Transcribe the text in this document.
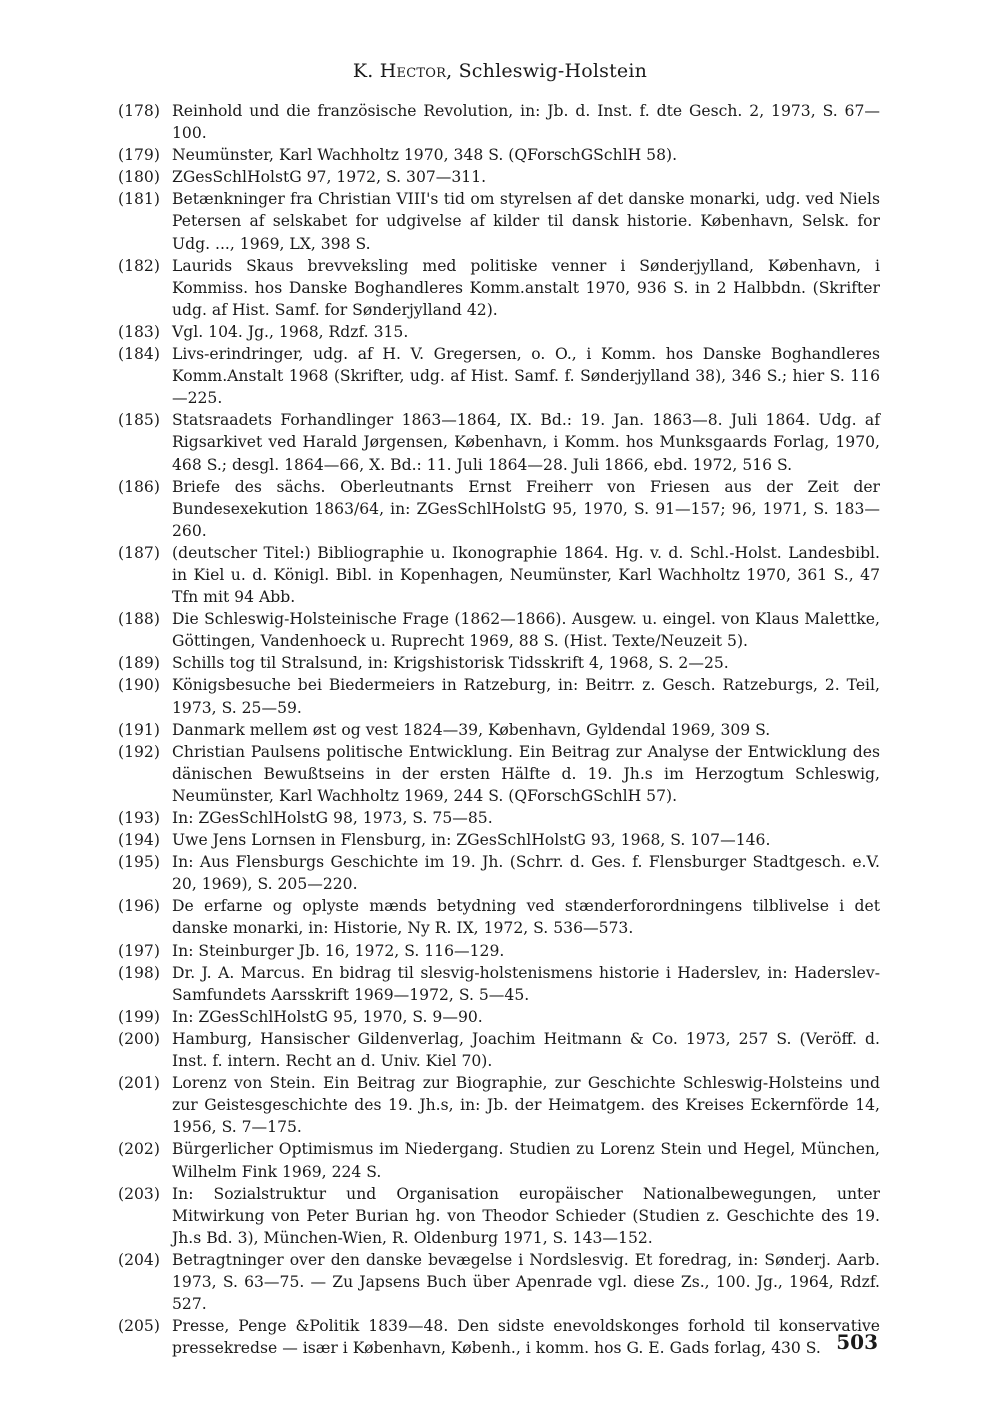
K. Hector, Schleswig-Holstein
(178) Reinhold und die französische Revolution, in: Jb. d. Inst. f. dte Gesch. 2, 1973, S. 67—100.
(179) Neumünster, Karl Wachholtz 1970, 348 S. (QForschGSchlH 58).
(180) ZGesSchlHolstG 97, 1972, S. 307—311.
(181) Betænkninger fra Christian VIII's tid om styrelsen af det danske monarki, udg. ved Niels Petersen af selskabet for udgivelse af kilder til dansk historie. København, Selsk. for Udg. ..., 1969, LX, 398 S.
(182) Laurids Skaus brevveksling med politiske venner i Sønderjylland, København, i Kommiss. hos Danske Boghandleres Komm.anstalt 1970, 936 S. in 2 Halbbdn. (Skrifter udg. af Hist. Samf. for Sønderjylland 42).
(183) Vgl. 104. Jg., 1968, Rdzf. 315.
(184) Livs-erindringer, udg. af H. V. Gregersen, o. O., i Komm. hos Danske Boghandleres Komm.Anstalt 1968 (Skrifter, udg. af Hist. Samf. f. Sønderjylland 38), 346 S.; hier S. 116—225.
(185) Statsraadets Forhandlinger 1863—1864, IX. Bd.: 19. Jan. 1863—8. Juli 1864. Udg. af Rigsarkivet ved Harald Jørgensen, København, i Komm. hos Munksgaards Forlag, 1970, 468 S.; desgl. 1864—66, X. Bd.: 11. Juli 1864—28. Juli 1866, ebd. 1972, 516 S.
(186) Briefe des sächs. Oberleutnants Ernst Freiherr von Friesen aus der Zeit der Bundesexekution 1863/64, in: ZGesSchlHolstG 95, 1970, S. 91—157; 96, 1971, S. 183—260.
(187) (deutscher Titel:) Bibliographie u. Ikonographie 1864. Hg. v. d. Schl.-Holst. Landesbibl. in Kiel u. d. Königl. Bibl. in Kopenhagen, Neumünster, Karl Wachholtz 1970, 361 S., 47 Tfn mit 94 Abb.
(188) Die Schleswig-Holsteinische Frage (1862—1866). Ausgew. u. eingel. von Klaus Malettke, Göttingen, Vandenhoeck u. Ruprecht 1969, 88 S. (Hist. Texte/Neuzeit 5).
(189) Schills tog til Stralsund, in: Krigshistorisk Tidsskrift 4, 1968, S. 2—25.
(190) Königsbesuche bei Biedermeiers in Ratzeburg, in: Beitrr. z. Gesch. Ratzeburgs, 2. Teil, 1973, S. 25—59.
(191) Danmark mellem øst og vest 1824—39, København, Gyldendal 1969, 309 S.
(192) Christian Paulsens politische Entwicklung. Ein Beitrag zur Analyse der Entwicklung des dänischen Bewußtseins in der ersten Hälfte d. 19. Jh.s im Herzogtum Schleswig, Neumünster, Karl Wachholtz 1969, 244 S. (QForschGSchlH 57).
(193) In: ZGesSchlHolstG 98, 1973, S. 75—85.
(194) Uwe Jens Lornsen in Flensburg, in: ZGesSchlHolstG 93, 1968, S. 107—146.
(195) In: Aus Flensburgs Geschichte im 19. Jh. (Schrr. d. Ges. f. Flensburger Stadtgesch. e.V. 20, 1969), S. 205—220.
(196) De erfarne og oplyste mænds betydning ved stænderforordningens tilblivelse i det danske monarki, in: Historie, Ny R. IX, 1972, S. 536—573.
(197) In: Steinburger Jb. 16, 1972, S. 116—129.
(198) Dr. J. A. Marcus. En bidrag til slesvig-holstenismens historie i Haderslev, in: Haderslev-Samfundets Aarsskrift 1969—1972, S. 5—45.
(199) In: ZGesSchlHolstG 95, 1970, S. 9—90.
(200) Hamburg, Hansischer Gildenverlag, Joachim Heitmann & Co. 1973, 257 S. (Veröff. d. Inst. f. intern. Recht an d. Univ. Kiel 70).
(201) Lorenz von Stein. Ein Beitrag zur Biographie, zur Geschichte Schleswig-Holsteins und zur Geistesgeschichte des 19. Jh.s, in: Jb. der Heimatgem. des Kreises Eckernförde 14, 1956, S. 7—175.
(202) Bürgerlicher Optimismus im Niedergang. Studien zu Lorenz Stein und Hegel, München, Wilhelm Fink 1969, 224 S.
(203) In: Sozialstruktur und Organisation europäischer Nationalbewegungen, unter Mitwirkung von Peter Burian hg. von Theodor Schieder (Studien z. Geschichte des 19. Jh.s Bd. 3), München-Wien, R. Oldenburg 1971, S. 143—152.
(204) Betragtninger over den danske bevægelse i Nordslesvig. Et foredrag, in: Sønderj. Aarb. 1973, S. 63—75. — Zu Japsens Buch über Apenrade vgl. diese Zs., 100. Jg., 1964, Rdzf. 527.
(205) Presse, Penge &Politik 1839—48. Den sidste enevoldskonges forhold til konservative pressekredse — især i København, Københ., i komm. hos G. E. Gads forlag, 430 S. 503
